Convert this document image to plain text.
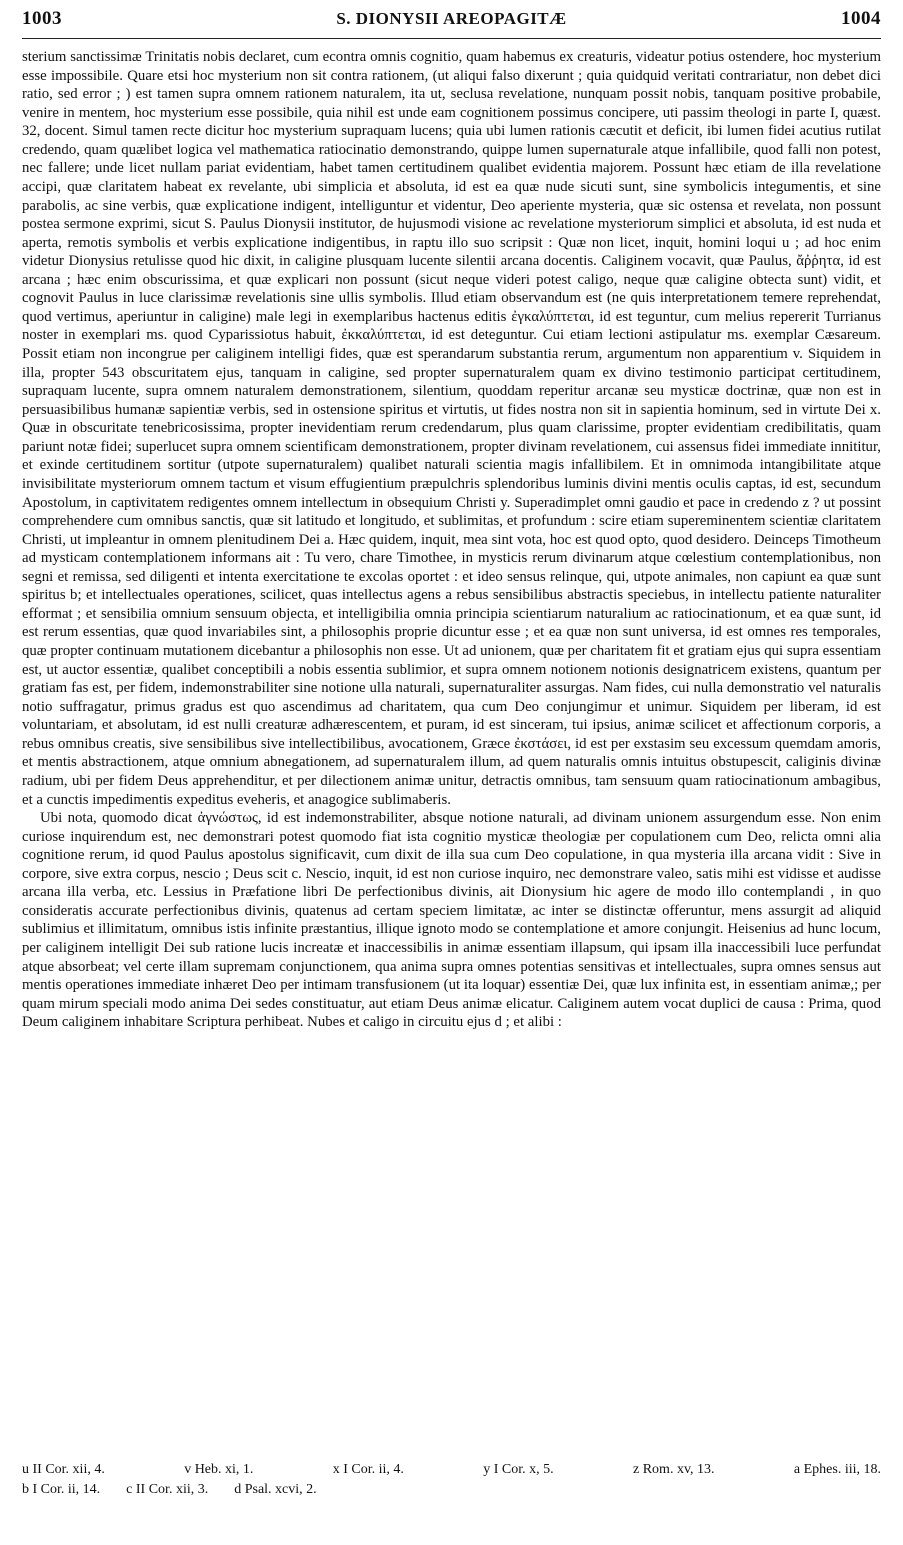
1003	S. DIONYSII AREOPAGITÆ	1004

sterium sanctissimæ Trinitatis nobis declaret, cum econtra omnis cognitio, quam habemus ex creaturis, videatur potius ostendere, hoc mysterium esse impossibile. Quare etsi hoc mysterium non sit contra rationem, (ut aliqui falso dixerunt ; quia quidquid veritati contrariatur, non debet dici ratio, sed error ; ) est tamen supra omnem rationem naturalem, ita ut, seclusa revelatione, nunquam possit nobis, tanquam positive probabile, venire in mentem, hoc mysterium esse possibile, quia nihil est unde eam cognitionem possimus concipere, uti passim theologi in parte I, quæst. 32, docent. Simul tamen recte dicitur hoc mysterium supraquam lucens; quia ubi lumen rationis cæcutit et deficit, ibi lumen fidei acutius rutilat credendo, quam quælibet logica vel mathematica ratiocinatio demonstrando, quippe lumen supernaturale atque infallibile, quod falli non potest, nec fallere; unde licet nullam pariat evidentiam, habet tamen certitudinem qualibet evidentia majorem. Possunt hæc etiam de illa revelatione accipi, quæ claritatem habeat ex revelante, ubi simplicia et absoluta, id est ea quæ nude sicuti sunt, sine symbolicis integumentis, et sine parabolis, ac sine verbis, quæ explicatione indigent, intelliguntur et videntur, Deo aperiente mysteria, quæ sic ostensa et revelata, non possunt postea sermone exprimi, sicut S. Paulus Dionysii institutor, de hujusmodi visione ac revelatione mysteriorum simplici et absoluta, id est nuda et aperta, remotis symbolis et verbis explicatione indigentibus, in raptu illo suo scripsit : Quæ non licet, inquit, homini loqui u ; ad hoc enim videtur Dionysius retulisse quod hic dixit, in caligine plusquam lucente silentii arcana docentis. Caliginem vocavit, quæ Paulus, ἄῤῥητα, id est arcana ; hæc enim obscurissima, et quæ explicari non possunt (sicut neque videri potest caligo, neque quæ caligine obtecta sunt) vidit, et cognovit Paulus in luce clarissimæ revelationis sine ullis symbolis. Illud etiam observandum est (ne quis interpretationem temere reprehendat, quod vertimus, aperiuntur in caligine) male legi in exemplaribus hactenus editis ἐγκαλύπτεται, id est teguntur, cum melius repererit Turrianus noster in exemplari ms. quod Cyparissiotus habuit, ἐκκαλύπτεται, id est deteguntur. Cui etiam lectioni astipulatur ms. exemplar Cæsareum. Possit etiam non incongrue per caliginem intelligi fides, quæ est sperandarum substantia rerum, argumentum non apparentium v. Siquidem in illa, propter 543 obscuritatem ejus, tanquam in caligine, sed propter supernaturalem quam ex divino testimonio participat certitudinem, supraquam lucente, supra omnem naturalem demonstrationem, silentium, quoddam reperitur arcanæ seu mysticæ doctrinæ, quæ non est in persuasibilibus humanæ sapientiæ verbis, sed in ostensione spiritus et virtutis, ut fides nostra non sit in sapientia hominum, sed in virtute Dei x. Quæ in obscuritate tenebricosissima, propter inevidentiam rerum credendarum, plus quam clarissime, propter evidentiam credibilitatis, quam pariunt notæ fidei; superlucet supra omnem scientificam demonstrationem, propter divinam revelationem, cui assensus fidei immediate innititur, et exinde certitudinem sortitur (utpote supernaturalem) qualibet naturali scientia magis infallibilem. Et in omnimoda intangibilitate atque invisibilitate mysteriorum omnem tactum et visum effugientium præpulchris splendoribus luminis divini mentis oculis captas, id est, secundum Apostolum, in captivitatem redigentes omnem intellectum in obsequium Christi y. Superadimplet omni gaudio et pace in credendo z ? ut possint comprehendere cum omnibus sanctis, quæ sit latitudo et longitudo, et sublimitas, et profundum : scire etiam supereminentem scientiæ claritatem Christi, ut impleantur in omnem plenitudinem Dei a. Hæc quidem, inquit, mea sint vota, hoc est quod opto, quod desidero. Deinceps Timotheum ad mysticam contemplationem informans ait : Tu vero, chare Timothee, in mysticis rerum divinarum atque cœlestium contemplationibus, non segni et remissa, sed diligenti et intenta exercitatione te excolas oportet : et ideo sensus relinque, qui, utpote animales, non capiunt ea quæ sunt spiritus b; et intellectuales operationes, scilicet, quas intellectus agens a rebus sensibilibus abstractis speciebus, in intellectu patiente naturaliter efformat ; et sensibilia omnium sensuum objecta, et intelligibilia omnia principia scientiarum naturalium ac ratiocinationum, et ea quæ sunt, id est rerum essentias, quæ quod invariabiles sint, a philosophis proprie dicuntur esse ; et ea quæ non sunt universa, id est omnes res temporales, quæ propter continuam mutationem dicebantur a philosophis non esse. Ut ad unionem, quæ per charitatem fit et gratiam ejus qui supra essentiam est, ut auctor essentiæ, qualibet conceptibili a nobis essentia sublimior, et supra omnem notionem notionis designatricem existens, quantum per gratiam fas est, per fidem, indemonstrabiliter sine notione ulla naturali, supernaturaliter assurgas. Nam fides, cui nulla demonstratio vel naturalis notio suffragatur, primus gradus est quo ascendimus ad charitatem, qua cum Deo conjungimur et unimur. Siquidem per liberam, id est voluntariam, et absolutam, id est nulli creaturæ adhærescentem, et puram, id est sinceram, tui ipsius, animæ scilicet et affectionum corporis, a rebus omnibus creatis, sive sensibilibus sive intellectibilibus, avocationem, Græce ἐκστάσει, id est per exstasim seu excessum quemdam amoris, et mentis abstractionem, atque omnium abnegationem, ad supernaturalem illum, ad quem naturalis omnis intuitus obstupescit, caliginis divinæ radium, ubi per fidem Deus apprehenditur, et per dilectionem animæ unitur, detractis omnibus, tam sensuum quam ratiocinationum ambagibus, et a cunctis impedimentis expeditus eveheris, et anagogice sublimaberis.

Ubi nota, quomodo dicat ἀγνώστως, id est indemonstrabiliter, absque notione naturali, ad divinam unionem assurgendum esse. Non enim curiose inquirendum est, nec demonstrari potest quomodo fiat ista cognitio mysticæ theologiæ per copulationem cum Deo, relicta omni alia cognitione rerum, id quod Paulus apostolus significavit, cum dixit de illa sua cum Deo copulatione, in qua mysteria illa arcana vidit : Sive in corpore, sive extra corpus, nescio ; Deus scit c. Nescio, inquit, id est non curiose inquiro, nec demonstrare valeo, satis mihi est vidisse et audisse arcana illa verba, etc. Lessius in Præfatione libri De perfectionibus divinis, ait Dionysium hic agere de modo illo contemplandi , in quo consideratis accurate perfectionibus divinis, quatenus ad certam speciem limitatæ, ac inter se distinctæ offeruntur, mens assurgit ad aliquid sublimius et illimitatum, omnibus istis infinite præstantius, illique ignoto modo se contemplatione et amore conjungit. Heisenius ad hunc locum, per caliginem intelligit Dei sub ratione lucis increatæ et inaccessibilis in animæ essentiam illapsum, qui ipsam illa inaccessibili luce perfundat atque absorbeat; vel certe illam supremam conjunctionem, qua anima supra omnes potentias sensitivas et intellectuales, supra omnes sensus aut mentis operationes immediate inhæret Deo per intimam transfusionem (ut ita loquar) essentiæ Dei, quæ lux infinita est, in essentiam animæ,; per quam mirum speciali modo anima Dei sedes constituatur, aut etiam Deus animæ elicatur. Caliginem autem vocat duplici de causa : Prima, quod Deum caliginem inhabitare Scriptura perhibeat. Nubes et caligo in circuitu ejus d ; et alibi :

u II Cor. xii, 4.	v Heb. xi, 1.	x I Cor. ii, 4.	y I Cor. x, 5.	z Rom. xv, 13.	a Ephes. iii, 18.
b I Cor. ii, 14. c II Cor. xii, 3. d Psal. xcvi, 2.
